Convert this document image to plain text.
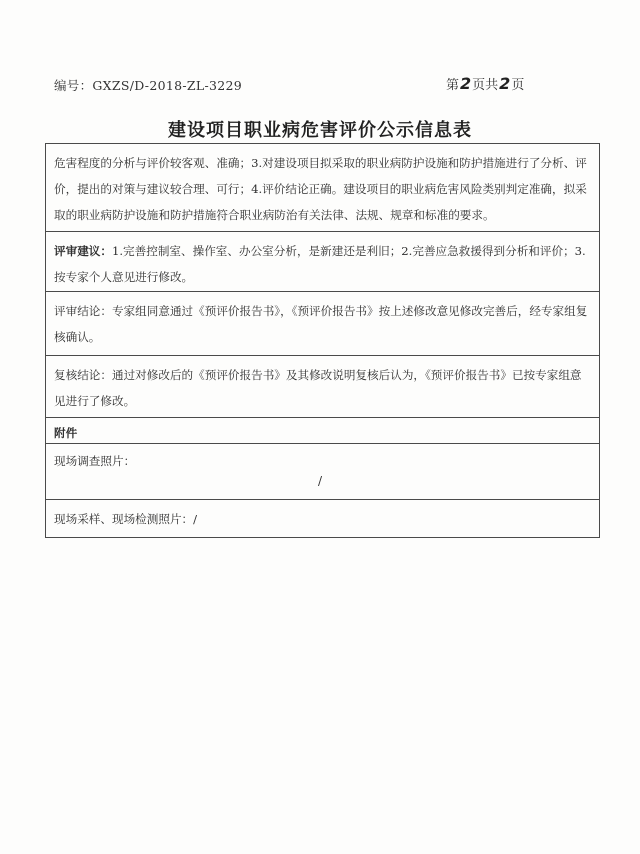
编号：GXZS/D-2018-ZL-3229	第2页共2页
建设项目职业病危害评价公示信息表

危害程度的分析与评价较客观、准确；3.对建设项目拟采取的职业病防护设施和防护措施进行了分析、评价，提出的对策与建议较合理、可行；4.评价结论正确。建设项目的职业病危害风险类别判定准确，拟采取的职业病防护设施和防护措施符合职业病防治有关法律、法规、规章和标准的要求。

评审建议：1.完善控制室、操作室、办公室分析，是新建还是利旧；2.完善应急救援得到分析和评价；3.按专家个人意见进行修改。

评审结论：专家组同意通过《预评价报告书》，《预评价报告书》按上述修改意见修改完善后，经专家组复核确认。

复核结论：通过对修改后的《预评价报告书》及其修改说明复核后认为，《预评价报告书》已按专家组意见进行了修改。

附件

现场调查照片：

/

现场采样、现场检测照片：/
